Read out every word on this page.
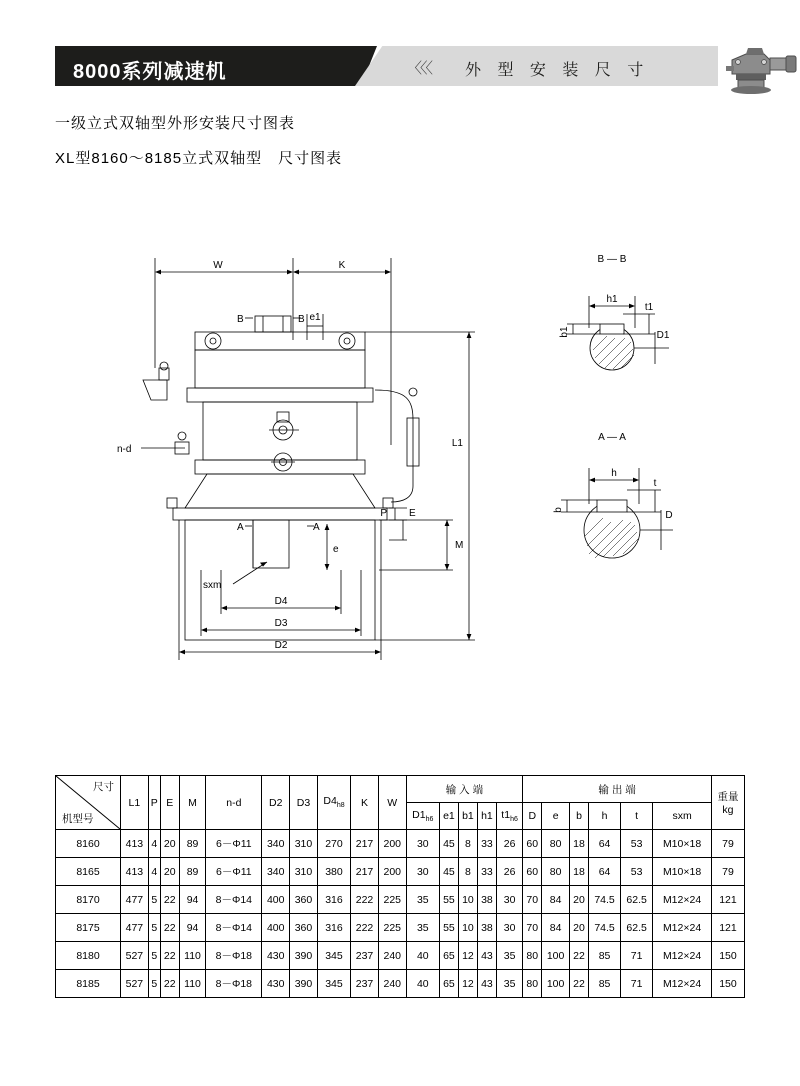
8000系列减速机	〈〈〈 外 型 安 装 尺 寸
一级立式双轴型外形安装尺寸图表
XL型8160～8185立式双轴型　尺寸图表
W	K
B	B e1
n-d
A	A
sxm
e
P E
M
L1
D4
D3
D2
B — B
h1
t1
b1	D1
A — A
h
t
b	D
尺寸
机型号	L1	P	E	M	n-d	D2	D3	$D4_{h8}$	K	W	输 入 端					输 出 端						重量
kg
											$D1_{h6}$	e1	b1	h1	$t1_{h6}$	D	e	b	h	t	sxm	
8160	413	4	20	89	6－Φ11	340	310	270	217	200	30	45	8	33	26	60	80	18	64	53	M10×18	79
8165	413	4	20	89	6－Φ11	340	310	380	217	200	30	45	8	33	26	60	80	18	64	53	M10×18	79
8170	477	5	22	94	8－Φ14	400	360	316	222	225	35	55	10	38	30	70	84	20	74.5	62.5	M12×24	121
8175	477	5	22	94	8－Φ14	400	360	316	222	225	35	55	10	38	30	70	84	20	74.5	62.5	M12×24	121
8180	527	5	22	110	8－Φ18	430	390	345	237	240	40	65	12	43	35	80	100	22	85	71	M12×24	150
8185	527	5	22	110	8－Φ18	430	390	345	237	240	40	65	12	43	35	80	100	22	85	71	M12×24	150
